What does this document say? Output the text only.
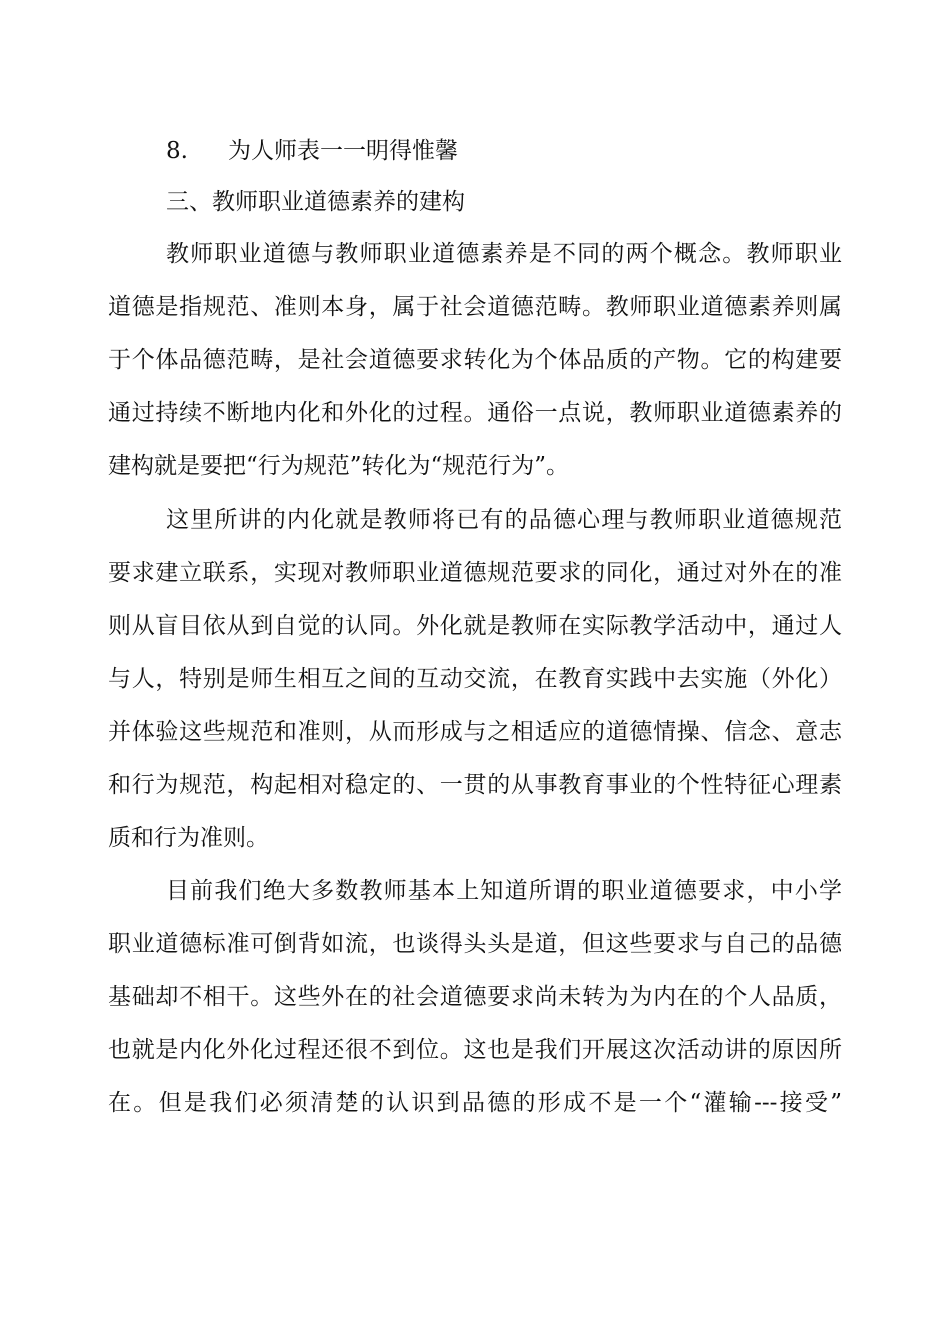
8. 为人师表一一明得惟馨
三、教师职业道德素养的建构
教师职业道德与教师职业道德素养是不同的两个概念。教师职业
道德是指规范、准则本身，属于社会道德范畴。教师职业道德素养则属
于个体品德范畴，是社会道德要求转化为个体品质的产物。它的构建要
通过持续不断地内化和外化的过程。通俗一点说，教师职业道德素养的
建构就是要把“行为规范”转化为“规范行为”。
这里所讲的内化就是教师将已有的品德心理与教师职业道德规范
要求建立联系，实现对教师职业道德规范要求的同化，通过对外在的准
则从盲目依从到自觉的认同。外化就是教师在实际教学活动中，通过人
与人，特别是师生相互之间的互动交流，在教育实践中去实施（外化）
并体验这些规范和准则，从而形成与之相适应的道德情操、信念、意志
和行为规范，构起相对稳定的、一贯的从事教育事业的个性特征心理素
质和行为准则。
目前我们绝大多数教师基本上知道所谓的职业道德要求，中小学
职业道德标准可倒背如流，也谈得头头是道，但这些要求与自己的品德
基础却不相干。这些外在的社会道德要求尚未转为为内在的个人品质，
也就是内化外化过程还很不到位。这也是我们开展这次活动讲的原因所
在。但是我们必须清楚的认识到品德的形成不是一个“灌输---接受”
